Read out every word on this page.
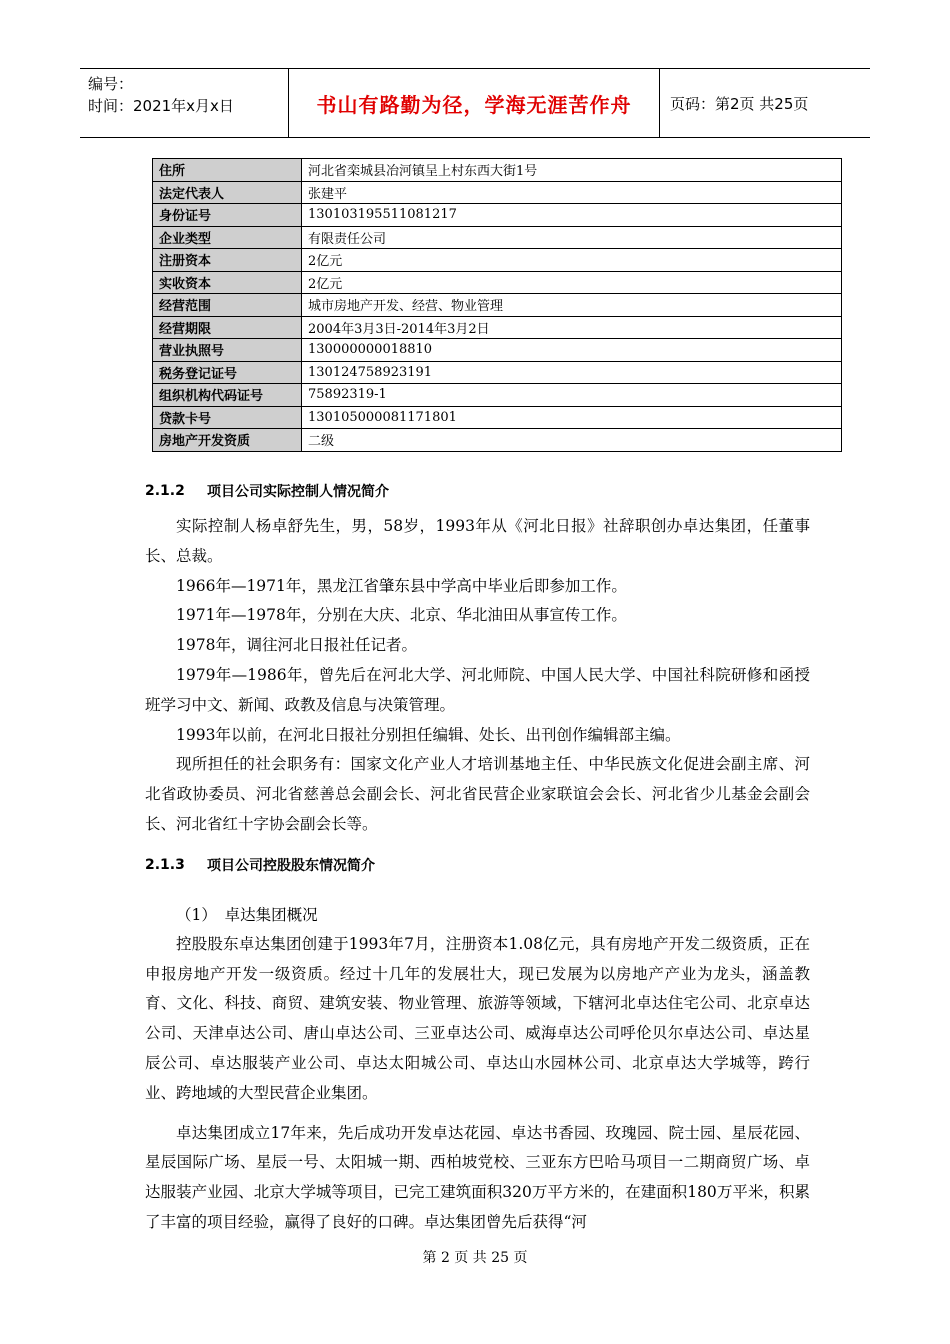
编号：
时间：2021年x月x日	书山有路勤为径，学海无涯苦作舟	页码：第2页 共25页
住所	河北省栾城县冶河镇呈上村东西大街1号
法定代表人	张建平
身份证号	130103195511081217
企业类型	有限责任公司
注册资本	2亿元
实收资本	2亿元
经营范围	城市房地产开发、经营、物业管理
经营期限	2004年3月3日-2014年3月2日
营业执照号	130000000018810
税务登记证号	130124758923191
组织机构代码证号	75892319-1
贷款卡号	130105000081171801
房地产开发资质	二级
2.1.2	项目公司实际控制人情况简介

实际控制人杨卓舒先生，男，58岁，1993年从《河北日报》社辞职创办卓达集团，任董事长、总裁。

1966年—1971年，黑龙江省肇东县中学高中毕业后即参加工作。

1971年—1978年，分别在大庆、北京、华北油田从事宣传工作。

1978年，调往河北日报社任记者。

1979年—1986年，曾先后在河北大学、河北师院、中国人民大学、中国社科院研修和函授班学习中文、新闻、政教及信息与决策管理。

1993年以前，在河北日报社分别担任编辑、处长、出刊创作编辑部主编。

现所担任的社会职务有：国家文化产业人才培训基地主任、中华民族文化促进会副主席、河北省政协委员、河北省慈善总会副会长、河北省民营企业家联谊会会长、河北省少儿基金会副会长、河北省红十字协会副会长等。

2.1.3	项目公司控股股东情况简介
（1）　卓达集团概况

控股股东卓达集团创建于1993年7月，注册资本1.08亿元，具有房地产开发二级资质，正在申报房地产开发一级资质。经过十几年的发展壮大，现已发展为以房地产产业为龙头，涵盖教育、文化、科技、商贸、建筑安装、物业管理、旅游等领域，下辖河北卓达住宅公司、北京卓达公司、天津卓达公司、唐山卓达公司、三亚卓达公司、威海卓达公司呼伦贝尔卓达公司、卓达星辰公司、卓达服装产业公司、卓达太阳城公司、卓达山水园林公司、北京卓达大学城等，跨行业、跨地域的大型民营企业集团。

卓达集团成立17年来，先后成功开发卓达花园、卓达书香园、玫瑰园、院士园、星辰花园、星辰国际广场、星辰一号、太阳城一期、西柏坡党校、三亚东方巴哈马项目一二期商贸广场、卓达服装产业园、北京大学城等项目，已完工建筑面积320万平方米的，在建面积180万平米，积累了丰富的项目经验，赢得了良好的口碑。卓达集团曾先后获得“河

第 2 页 共 25 页
